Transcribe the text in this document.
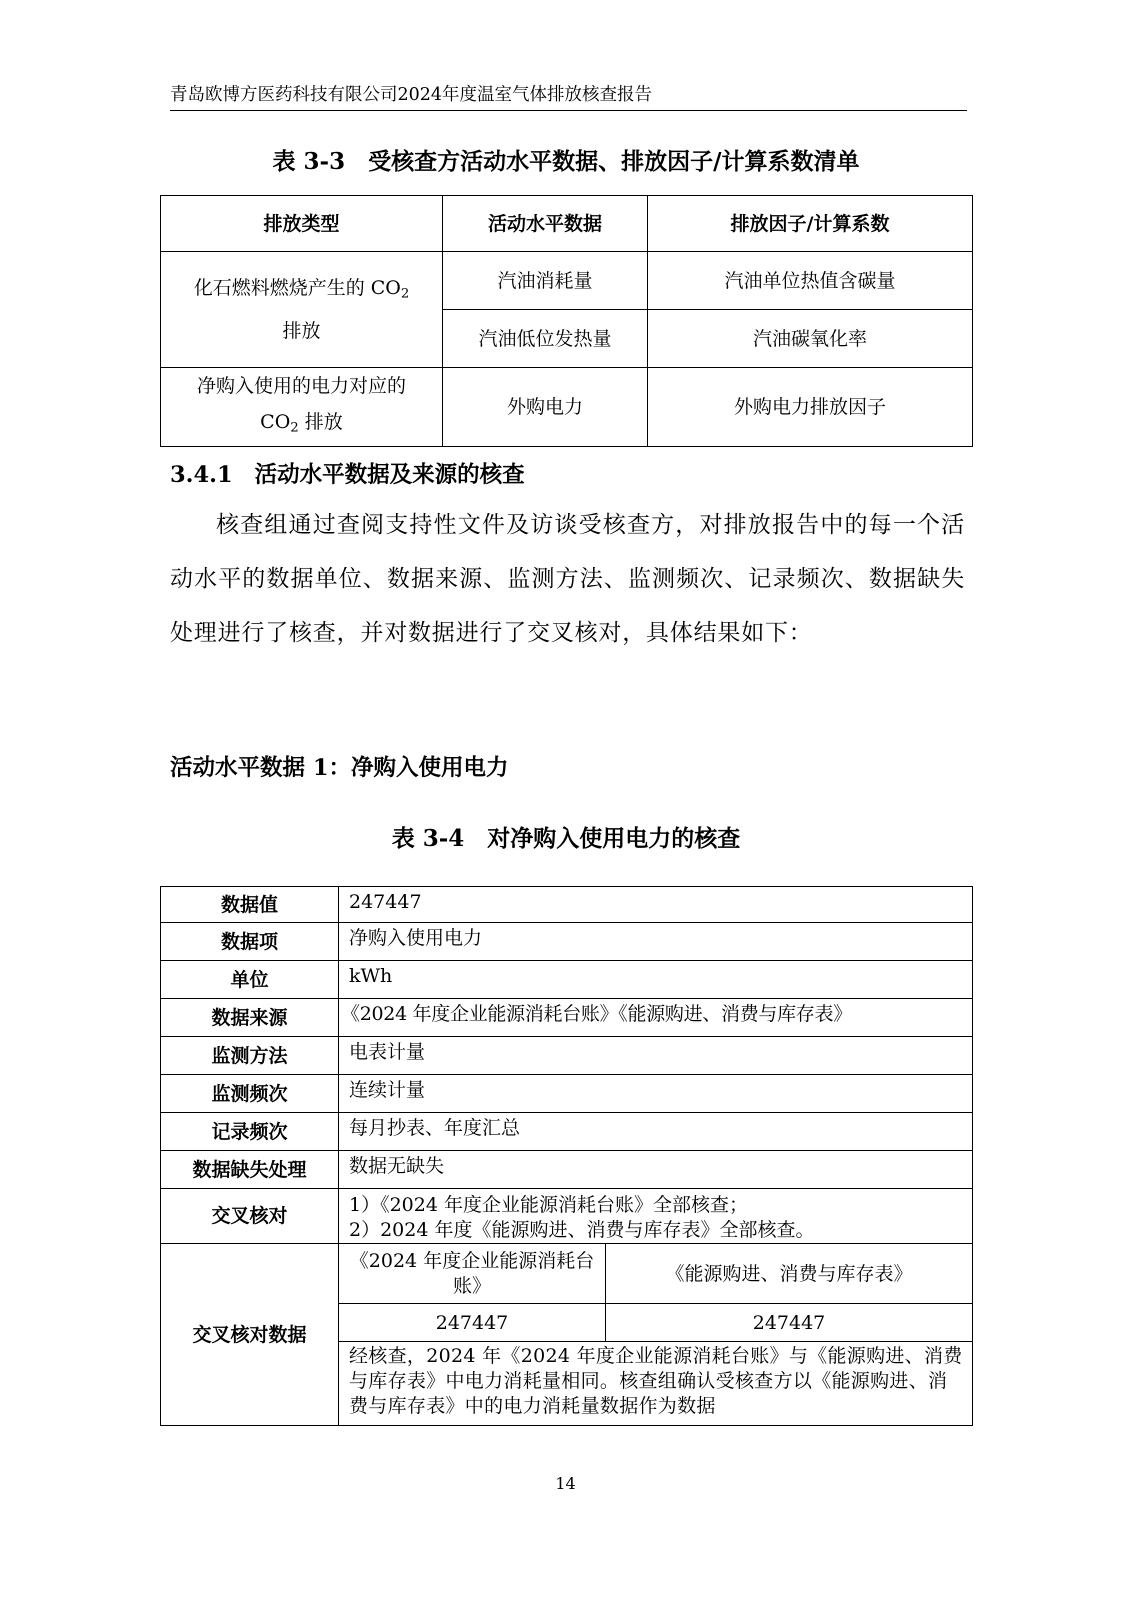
青岛欧博方医药科技有限公司2024年度温室气体排放核查报告
表 3-3　受核查方活动水平数据、排放因子/计算系数清单
排放类型	活动水平数据	排放因子/计算系数

化石燃料燃烧产生的 $CO_2$
排放	汽油消耗量	汽油单位热值含碳量
	汽油低位发热量	汽油碳氧化率

净购入使用的电力对应的
$CO_2$ 排放	外购电力	外购电力排放因子
3.4.1 活动水平数据及来源的核查
核查组通过查阅支持性文件及访谈受核查方，对排放报告中的每一个活动水平的数据单位、数据来源、监测方法、监测频次、记录频次、数据缺失处理进行了核查，并对数据进行了交叉核对，具体结果如下：
活动水平数据 1：净购入使用电力
表 3-4　对净购入使用电力的核查
数据值	247447	
数据项	净购入使用电力	
单位	kWh	
数据来源	《2024 年度企业能源消耗台账》《能源购进、消费与库存表》	
监测方法	电表计量	
监测频次	连续计量	
记录频次	每月抄表、年度汇总	
数据缺失处理	数据无缺失	
交叉核对	1）《2024 年度企业能源消耗台账》全部核查；
2）2024 年度《能源购进、消费与库存表》全部核查。	

交叉核对数据	《2024 年度企业能源消耗台账》	《能源购进、消费与库存表》
	247447	247447
	经核查，2024 年《2024 年度企业能源消耗台账》与《能源购进、消费与库存表》中电力消耗量相同。核查组确认受核查方以《能源购进、消费与库存表》中的电力消耗量数据作为数据	
14
